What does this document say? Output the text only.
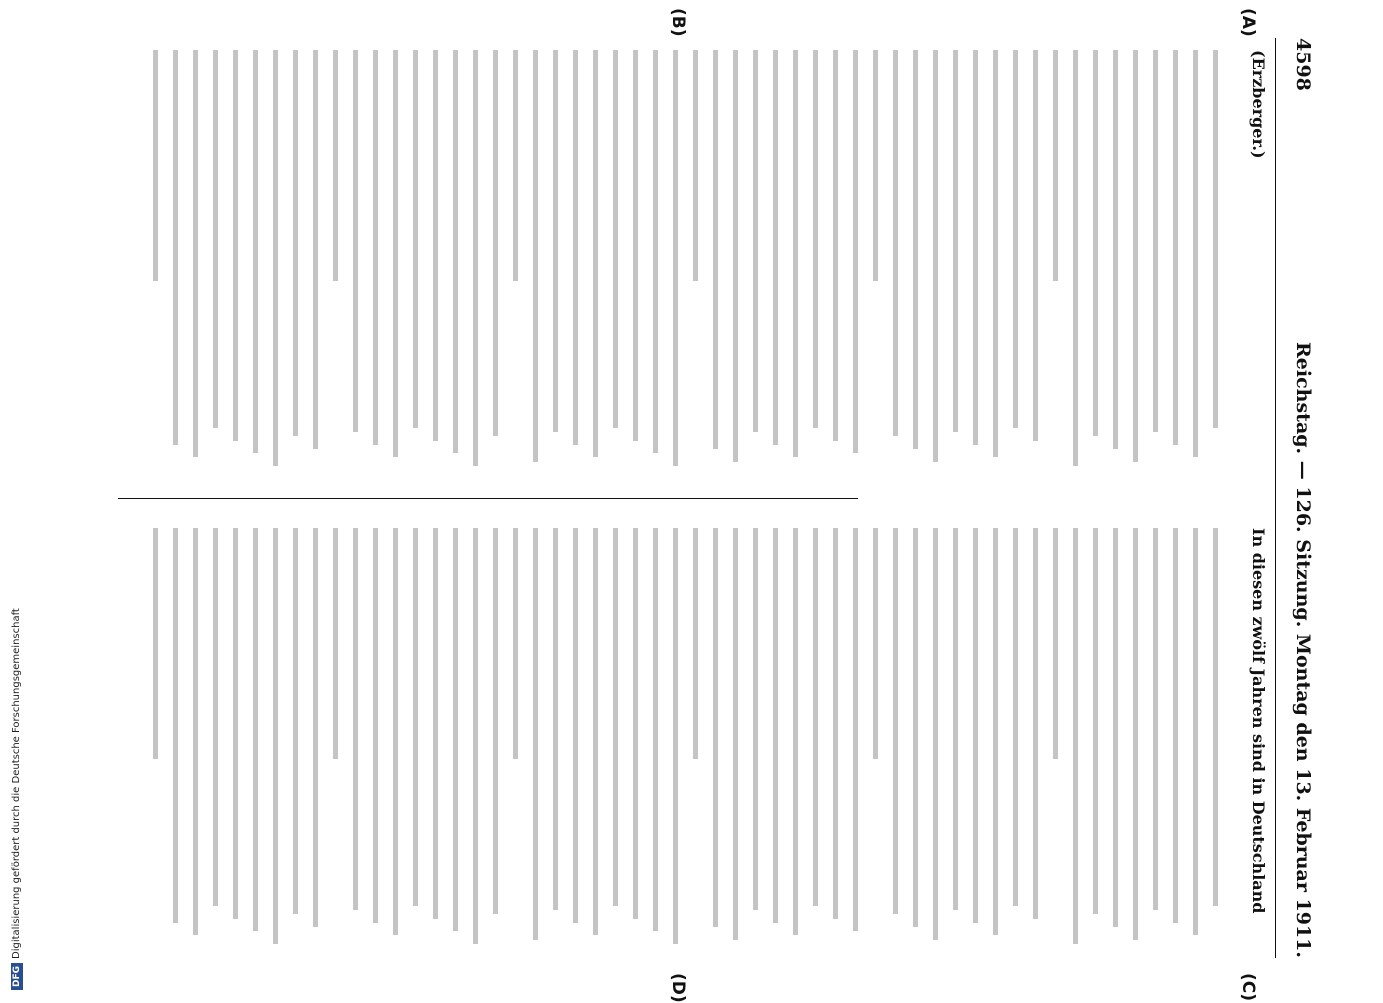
DFGDigitalisierung gefördert durch die Deutsche Forschungsgemeinschaft
4598
Reichstag. — 126. Sitzung. Montag den 13. Februar 1911.
(A)
(B)
(C)
(D)
(Erzberger.)
In diesen zwölf Jahren sind in Deutschland
